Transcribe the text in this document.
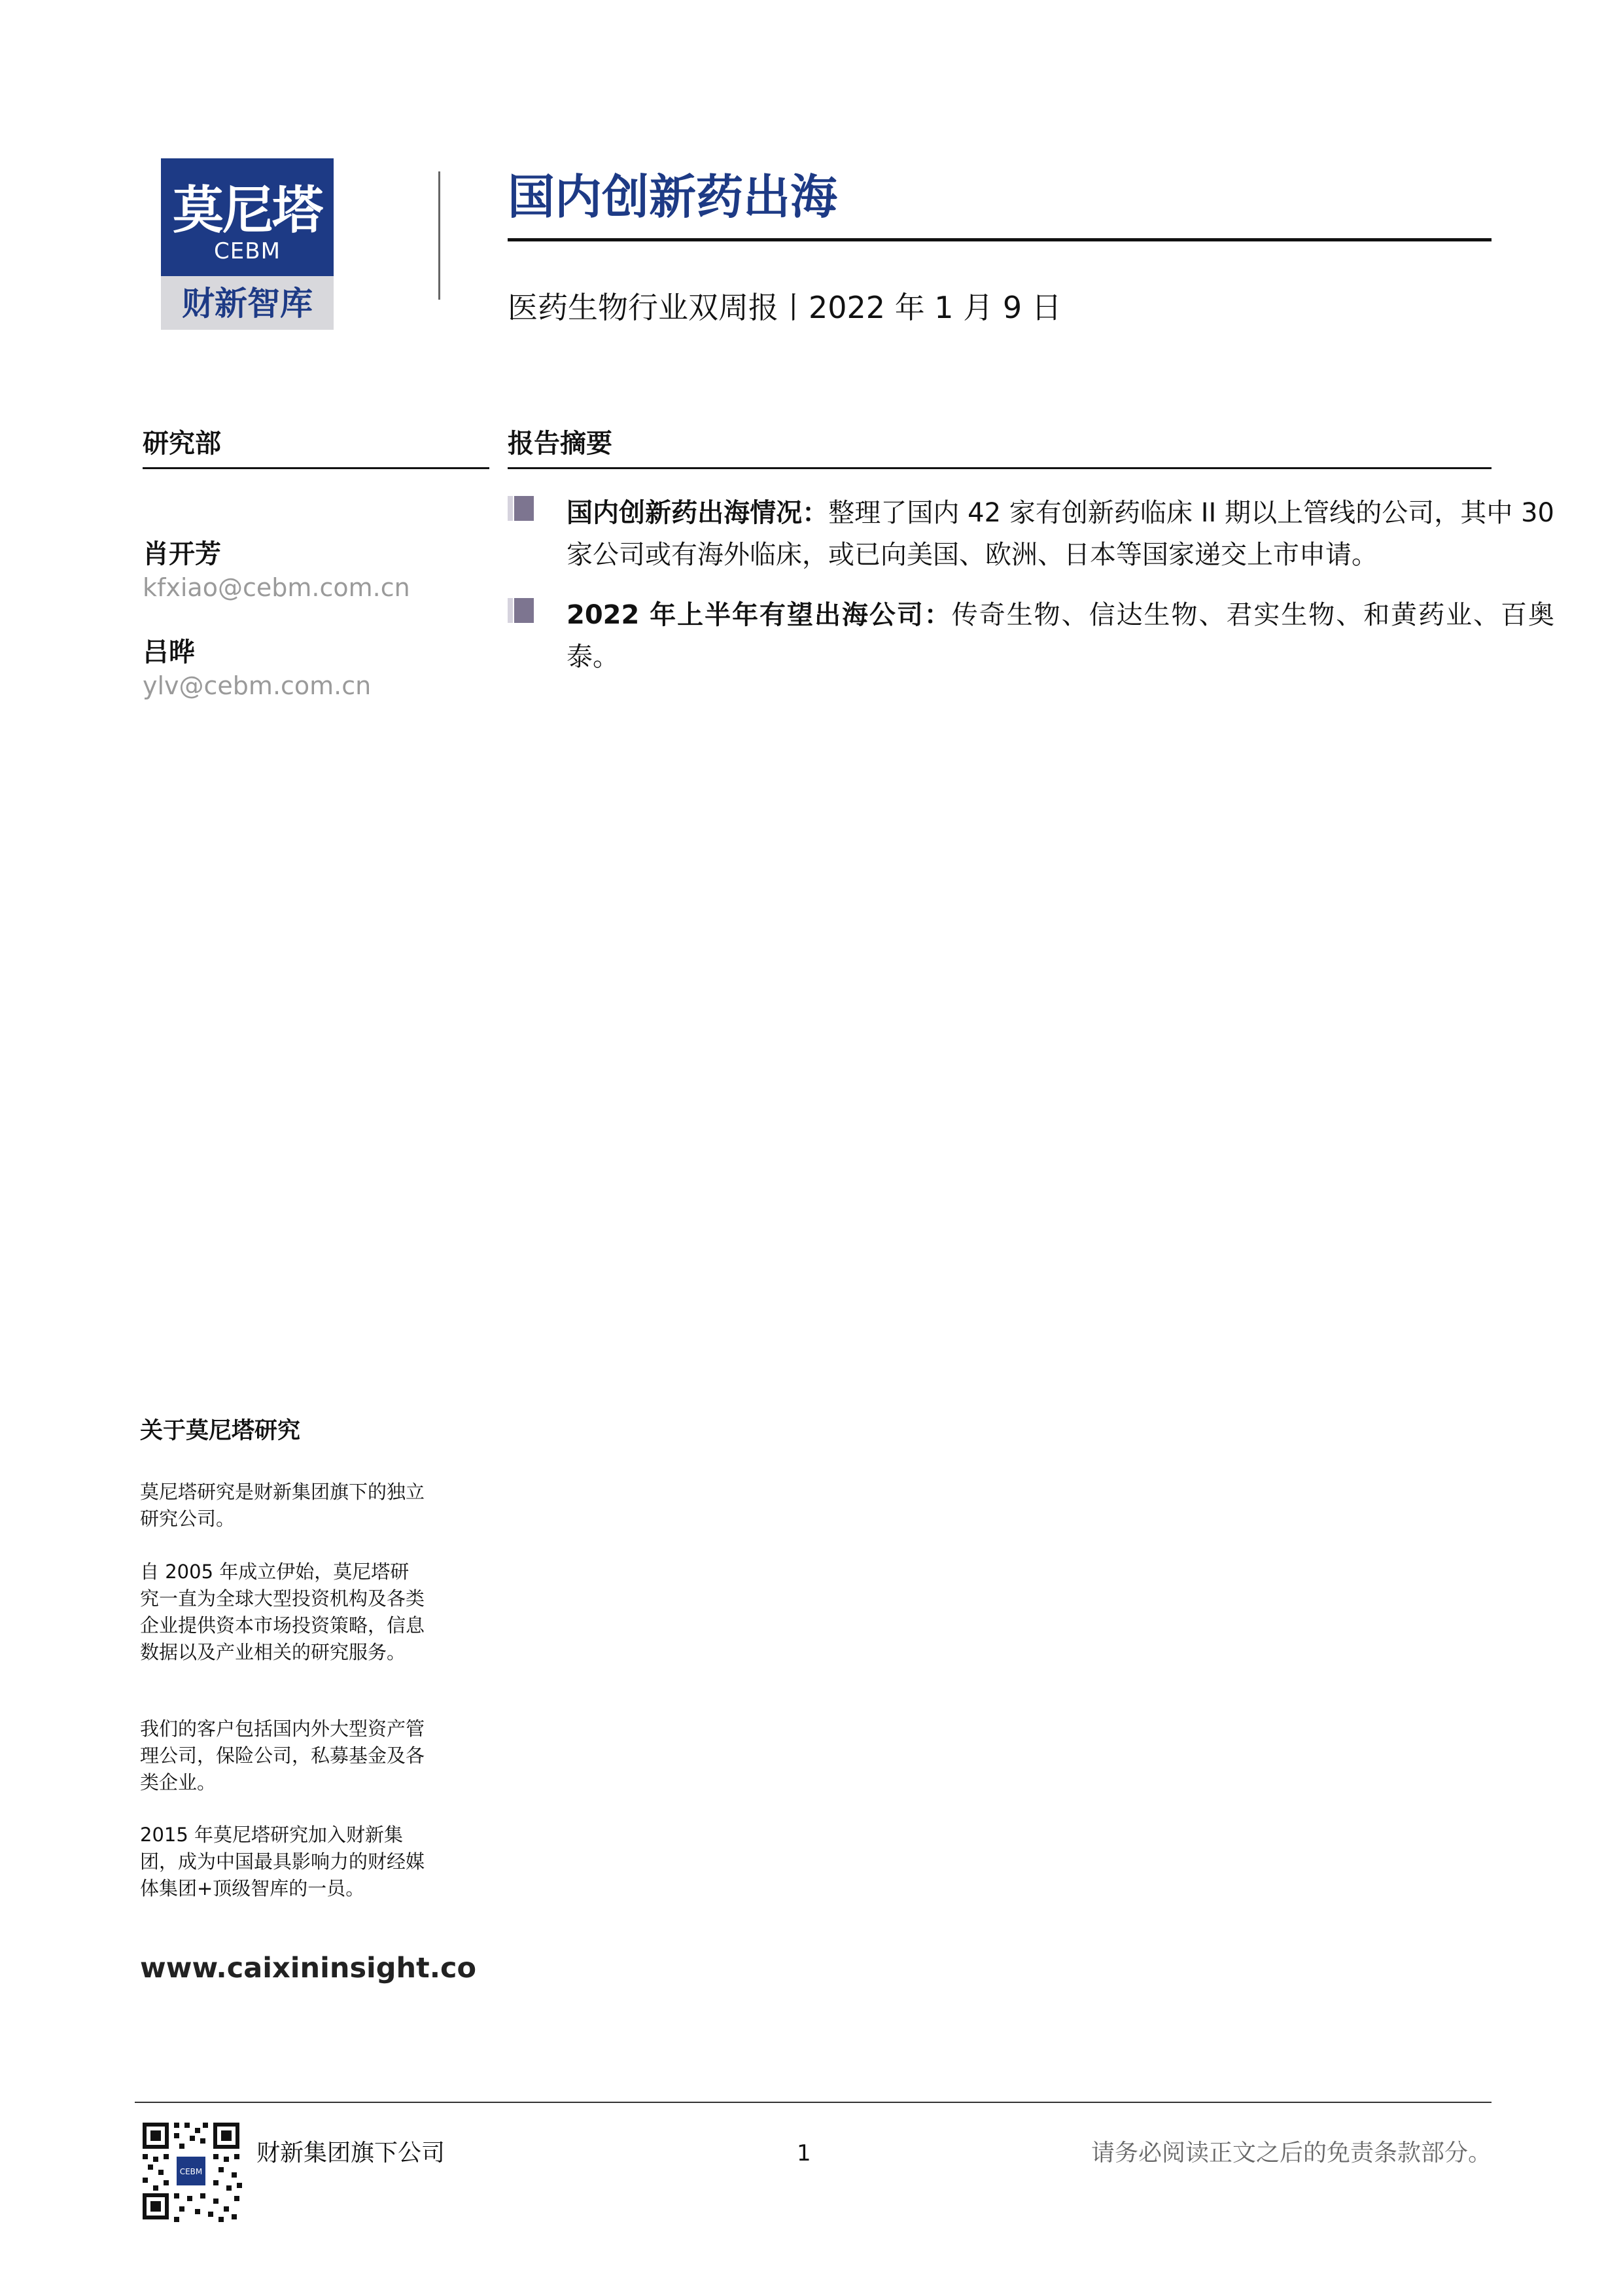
莫尼塔
CEBM
财新智库
国内创新药出海
医药生物行业双周报丨2022 年 1 月 9 日
研究部
肖开芳
kfxiao@cebm.com.cn
吕晔
ylv@cebm.com.cn
报告摘要
国内创新药出海情况：整理了国内 42 家有创新药临床 II 期以上管线的公司，其中 30 家公司或有海外临床，或已向美国、欧洲、日本等国家递交上市申请。
2022 年上半年有望出海公司：传奇生物、信达生物、君实生物、和黄药业、百奥泰。
关于莫尼塔研究
莫尼塔研究是财新集团旗下的独立研究公司。
自 2005 年成立伊始，莫尼塔研究一直为全球大型投资机构及各类企业提供资本市场投资策略，信息数据以及产业相关的研究服务。
我们的客户包括国内外大型资产管理公司，保险公司，私募基金及各类企业。
2015 年莫尼塔研究加入财新集团，成为中国最具影响力的财经媒体集团+顶级智库的一员。
www.caixininsight.co
CEBM
财新集团旗下公司	1	请务必阅读正文之后的免责条款部分。
